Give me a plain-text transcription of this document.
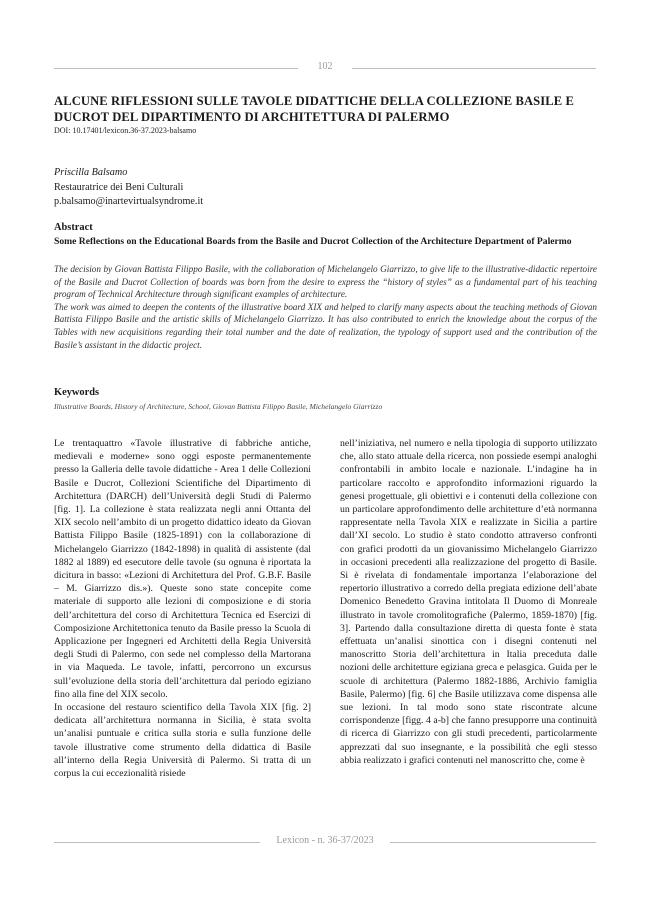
102
ALCUNE RIFLESSIONI SULLE TAVOLE DIDATTICHE DELLA COLLEZIONE BASILE E DUCROT DEL DIPARTIMENTO DI ARCHITETTURA DI PALERMO
DOI: 10.17401/lexicon.36-37.2023-balsamo
Priscilla Balsamo
Restauratrice dei Beni Culturali
p.balsamo@inartevirtualsyndrome.it
Abstract
Some Reflections on the Educational Boards from the Basile and Ducrot Collection of the Architecture Department of Palermo

The decision by Giovan Battista Filippo Basile, with the collaboration of Michelangelo Giarrizzo, to give life to the illustrative-didactic repertoire of the Basile and Ducrot Collection of boards was born from the desire to express the “history of styles” as a fundamental part of his teaching program of Technical Architecture through significant examples of architecture.

The work was aimed to deepen the contents of the illustrative board XIX and helped to clarify many aspects about the teaching methods of Giovan Battista Filippo Basile and the artistic skills of Michelangelo Giarrizzo. It has also contributed to enrich the knowledge about the corpus of the Tables with new acquisitions regarding their total number and the date of realization, the typology of support used and the contribution of the Basile’s assistant in the didactic project.

Keywords
Illustrative Boards, History of Architecture, School, Giovan Battista Filippo Basile, Michelangelo Giarrizzo

Le trentaquattro «Tavole illustrative di fabbriche antiche, medievali e moderne» sono oggi esposte permanentemente presso la Galleria delle tavole didattiche - Area 1 delle Collezioni Basile e Ducrot, Collezioni Scientifiche del Dipartimento di Architettura (DARCH) dell’Università degli Studi di Palermo [fig. 1]. La collezione è stata realizzata negli anni Ottanta del XIX secolo nell’ambito di un progetto didattico ideato da Giovan Battista Filippo Basile (1825-1891) con la collaborazione di Michelangelo Giarrizzo (1842-1898) in qualità di assistente (dal 1882 al 1889) ed esecutore delle tavole (su ognuna è riportata la dicitura in basso: «Lezioni di Architettura del Prof. G.B.F. Basile – M. Giarrizzo dis.»). Queste sono state concepite come materiale di supporto alle lezioni di composizione e di storia dell’architettura del corso di Architettura Tecnica ed Esercizi di Composizione Architettonica tenuto da Basile presso la Scuola di Applicazione per Ingegneri ed Architetti della Regia Università degli Studi di Palermo, con sede nel complesso della Martorana in via Maqueda. Le tavole, infatti, percorrono un excursus sull’evoluzione della storia dell’architettura dal periodo egiziano fino alla fine del XIX secolo.

In occasione del restauro scientifico della Tavola XIX [fig. 2] dedicata all’architettura normanna in Sicilia, è stata svolta un’analisi puntuale e critica sulla storia e sulla funzione delle tavole illustrative come strumento della didattica di Basile all’interno della Regia Università di Palermo. Si tratta di un corpus la cui eccezionalità risiede

nell’iniziativa, nel numero e nella tipologia di supporto utilizzato che, allo stato attuale della ricerca, non possiede esempi analoghi confrontabili in ambito locale e nazionale. L’indagine ha in particolare raccolto e approfondito informazioni riguardo la genesi progettuale, gli obiettivi e i contenuti della collezione con un particolare approfondimento delle architetture d’età normanna rappresentate nella Tavola XIX e realizzate in Sicilia a partire dall’XI secolo. Lo studio è stato condotto attraverso confronti con grafici prodotti da un giovanissimo Michelangelo Giarrizzo in occasioni precedenti alla realizzazione del progetto di Basile. Si è rivelata di fondamentale importanza l’elaborazione del repertorio illustrativo a corredo della pregiata edizione dell’abate Domenico Benedetto Gravina intitolata Il Duomo di Monreale illustrato in tavole cromolitografiche (Palermo, 1859-1870) [fig. 3]. Partendo dalla consultazione diretta di questa fonte è stata effettuata un’analisi sinottica con i disegni contenuti nel manoscritto Storia dell’architettura in Italia preceduta dalle nozioni delle architetture egiziana greca e pelasgica. Guida per le scuole di architettura (Palermo 1882-1886, Archivio famiglia Basile, Palermo) [fig. 6] che Basile utilizzava come dispensa alle sue lezioni. In tal modo sono state riscontrate alcune corrispondenze [figg. 4 a-b] che fanno presupporre una continuità di ricerca di Giarrizzo con gli studi precedenti, particolarmente apprezzati dal suo insegnante, e la possibilità che egli stesso abbia realizzato i grafici contenuti nel manoscritto che, come è

Lexicon - n. 36-37/2023
